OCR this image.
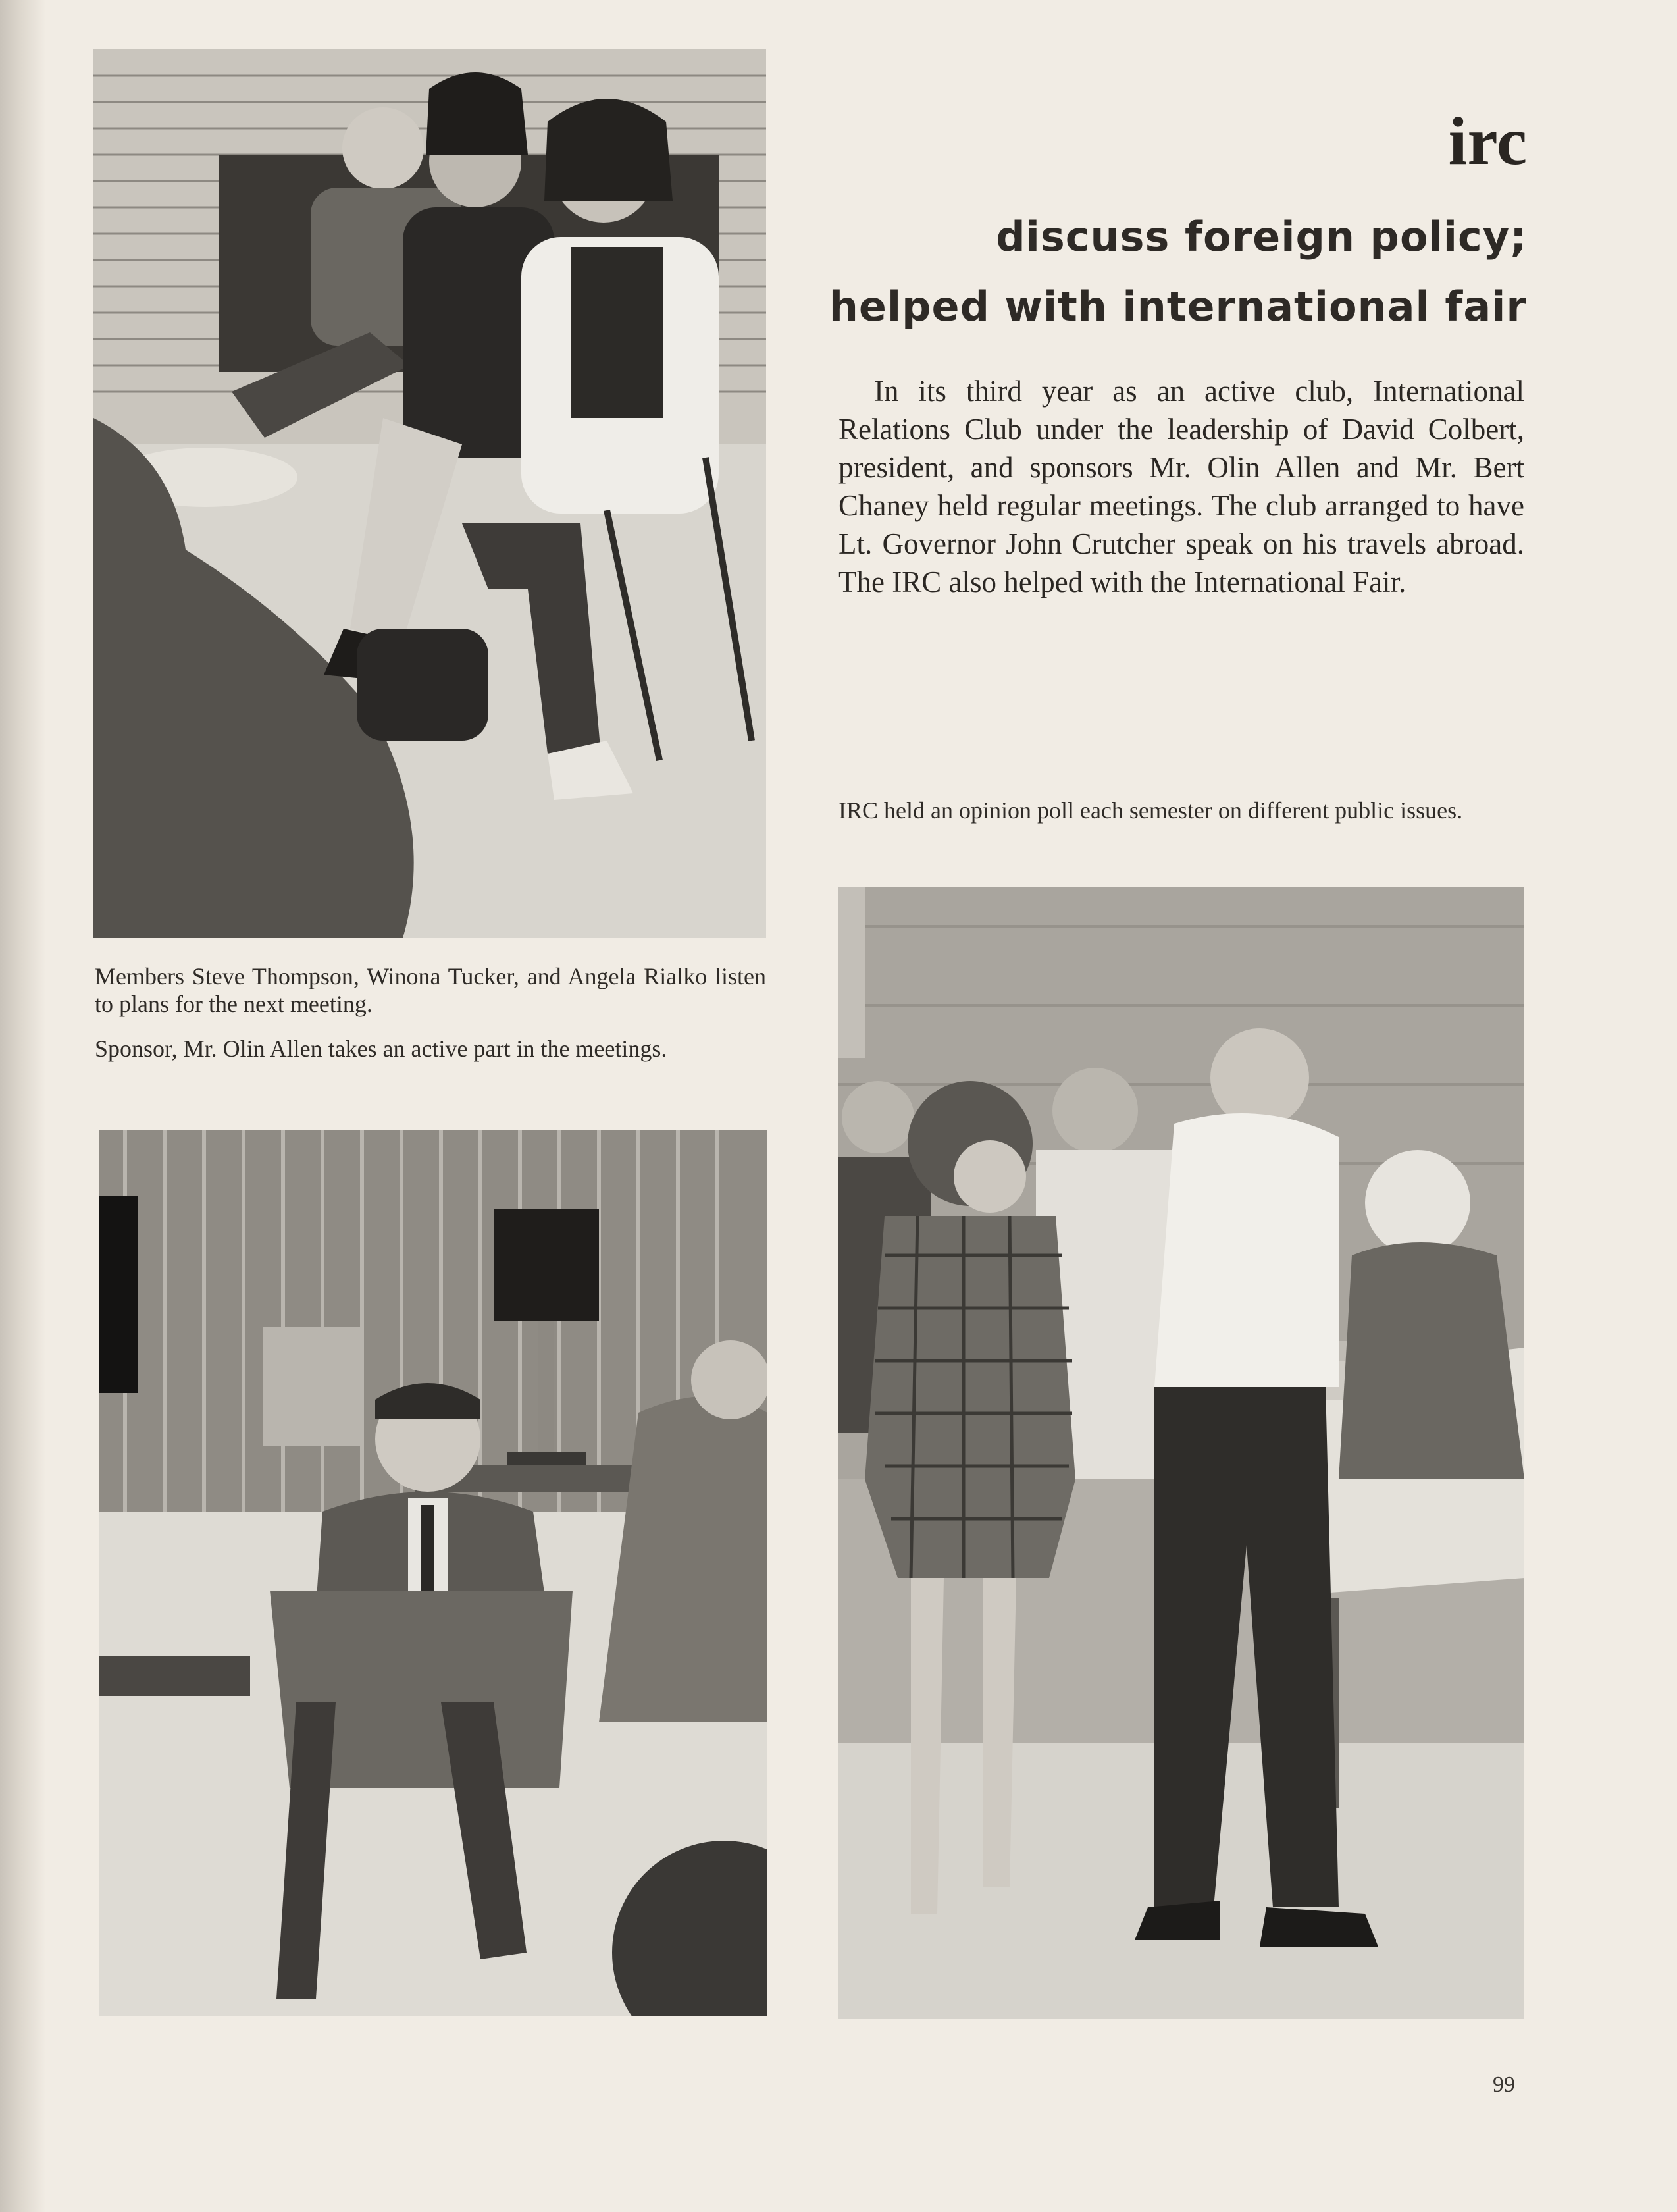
Members Steve Thompson, Winona Tucker, and Angela Rialko listen to plans for the next meeting.

Sponsor, Mr. Olin Allen takes an active part in the meetings.

irc
discuss foreign policy;
helped with international fair

In its third year as an active club, International Relations Club under the leadership of David Colbert, president, and sponsors Mr. Olin Allen and Mr. Bert Chaney held regular meetings. The club arranged to have Lt. Governor John Crutcher speak on his travels abroad. The IRC also helped with the International Fair.

IRC held an opinion poll each semester on different public issues.

99
